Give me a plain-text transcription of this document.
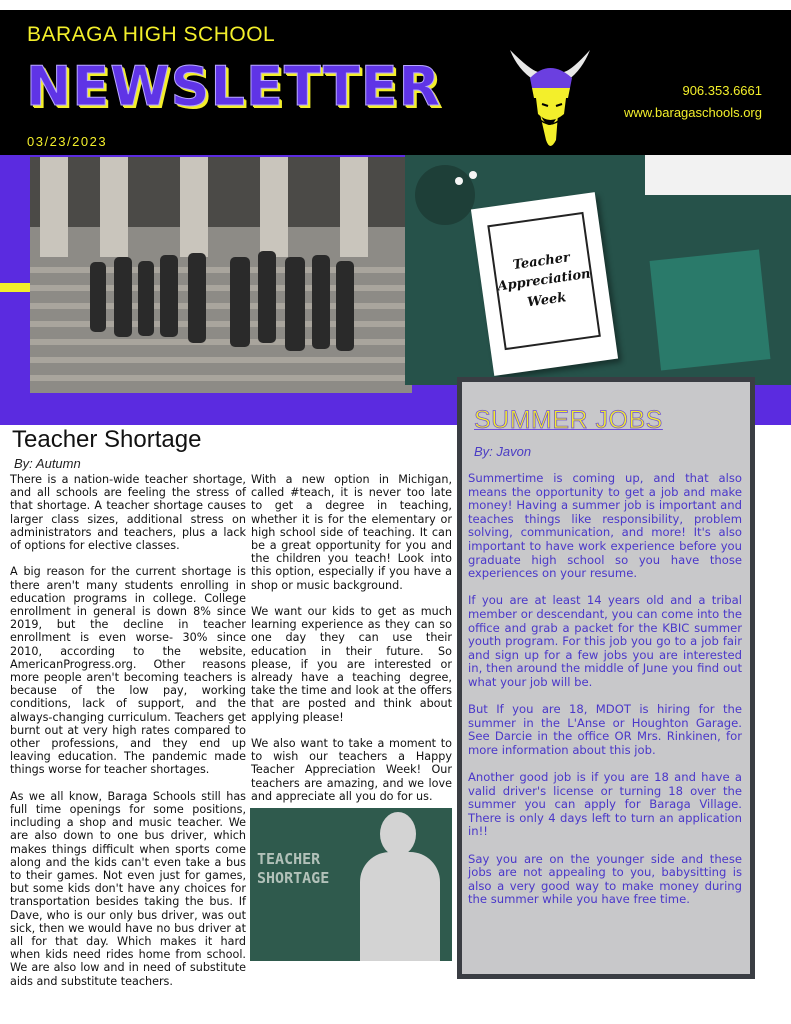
BARAGA HIGH SCHOOL
NEWSLETTER
03/23/2023
906.353.6661
www.baragaschools.org
Teacher
Appreciation
Week
Teacher Shortage
By: Autumn

There is a nation-wide teacher shortage, and all schools are feeling the stress of that shortage. A teacher shortage causes larger class sizes, additional stress on administrators and teachers, plus a lack of options for elective classes.

A big reason for the current shortage is there aren't many students enrolling in education programs in college. College enrollment in general is down 8% since 2019, but the decline in teacher enrollment is even worse- 30% since 2010, according to the website, AmericanProgress.org. Other reasons more people aren't becoming teachers is because of the low pay, working conditions, lack of support, and the always-changing curriculum. Teachers get burnt out at very high rates compared to other professions, and they end up leaving education. The pandemic made things worse for teacher shortages.

As we all know, Baraga Schools still has full time openings for some positions, including a shop and music teacher. We are also down to one bus driver, which makes things difficult when sports come along and the kids can't even take a bus to their games. Not even just for games, but some kids don't have any choices for transportation besides taking the bus. If Dave, who is our only bus driver, was out sick, then we would have no bus driver at all for that day. Which makes it hard when kids need rides home from school. We are also low and in need of substitute aids and substitute teachers.

With a new option in Michigan, called #teach, it is never too late to get a degree in teaching, whether it is for the elementary or high school side of teaching. It can be a great opportunity for you and the children you teach! Look into this option, especially if you have a shop or music background.

We want our kids to get as much learning experience as they can so one day they can use their education in their future. So please, if you are interested or already have a teaching degree, take the time and look at the offers that are posted and think about applying please!

We also want to take a moment to to wish our teachers a Happy Teacher Appreciation Week! Our teachers are amazing, and we love and appreciate all you do for us.

TEACHER
SHORTAGE
SUMMER JOBS
By: Javon

Summertime is coming up, and that also means the opportunity to get a job and make money! Having a summer job is important and teaches things like responsibility, problem solving, communication, and more! It's also important to have work experience before you graduate high school so you have those experiences on your resume.

If you are at least 14 years old and a tribal member or descendant, you can come into the office and grab a packet for the KBIC summer youth program. For this job you go to a job fair and sign up for a few jobs you are interested in, then around the middle of June you find out what your job will be.

But If you are 18, MDOT is hiring for the summer in the L'Anse or Houghton Garage. See Darcie in the office OR Mrs. Rinkinen, for more information about this job.

Another good job is if you are 18 and have a valid driver's license or turning 18 over the summer you can apply for Baraga Village. There is only 4 days left to turn an application in!!

Say you are on the younger side and these jobs are not appealing to you, babysitting is also a very good way to make money during the summer while you have free time.
